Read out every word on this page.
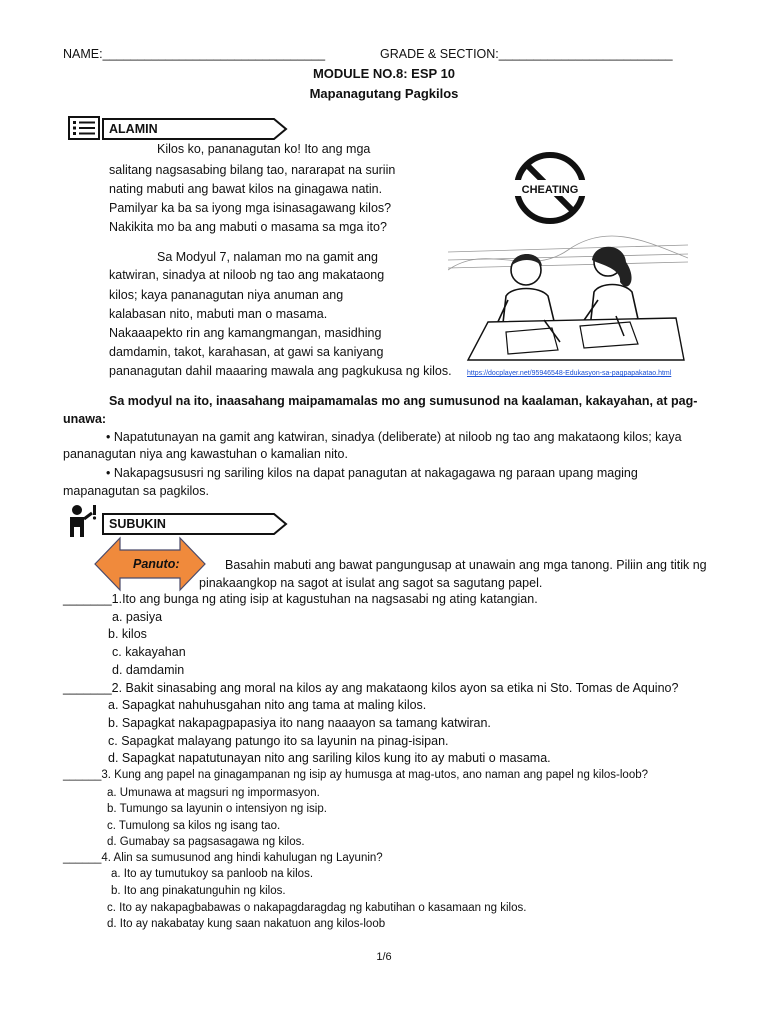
NAME:________________________________	GRADE & SECTION:_________________________
MODULE NO.8: ESP 10
Mapanagutang Pagkilos
ALAMIN
Kilos ko, pananagutan ko! Ito ang mga
salitang nagsasabing bilang tao, nararapat na suriin
nating mabuti ang bawat kilos na ginagawa natin.
Pamilyar ka ba sa iyong mga isinasagawang kilos?
Nakikita mo ba ang mabuti o masama sa mga ito?
Sa Modyul 7, nalaman mo na gamit ang
katwiran, sinadya at niloob ng tao ang makataong
kilos; kaya pananagutan niya anuman ang
kalabasan nito, mabuti man o masama.
Nakaaapekto rin ang kamangmangan, masidhing
damdamin, takot, karahasan, at gawi sa kaniyang
pananagutan dahil maaaring mawala ang pagkukusa ng kilos.
CHEATING
https://docplayer.net/95946548-Edukasyon-sa-pagpapakatao.html
Sa modyul na ito, inaasahang maipamamalas mo ang sumusunod na kaalaman, kakayahan, at pag-
unawa:
• Napatutunayan na gamit ang katwiran, sinadya (deliberate) at niloob ng tao ang makataong kilos; kaya
pananagutan niya ang kawastuhan o kamalian nito.
• Nakapagsususri ng sariling kilos na dapat panagutan at nakagagawa ng paraan upang maging
mapanagutan sa pagkilos.
SUBUKIN
Panuto:	Basahin mabuti ang bawat pangungusap at unawain ang mga tanong. Piliin ang titik ng
pinakaangkop na sagot at isulat ang sagot sa sagutang papel.
_______1.Ito ang bunga ng ating isip at kagustuhan na nagsasabi ng ating katangian.
a. pasiya
b. kilos
c. kakayahan
d. damdamin
_______2. Bakit sinasabing ang moral na kilos ay ang makataong kilos ayon sa etika ni Sto. Tomas de Aquino?
a. Sapagkat nahuhusgahan nito ang tama at maling kilos.
b. Sapagkat nakapagpapasiya ito nang naaayon sa tamang katwiran.
c. Sapagkat malayang patungo ito sa layunin na pinag-isipan.
d. Sapagkat napatutunayan nito ang sariling kilos kung ito ay mabuti o masama.
______3. Kung ang papel na ginagampanan ng isip ay humusga at mag-utos, ano naman ang papel ng kilos-loob?
a. Umunawa at magsuri ng impormasyon.
b. Tumungo sa layunin o intensiyon ng isip.
c. Tumulong sa kilos ng isang tao.
d. Gumabay sa pagsasagawa ng kilos.
______4. Alin sa sumusunod ang hindi kahulugan ng Layunin?
a. Ito ay tumutukoy sa panloob na kilos.
b. Ito ang pinakatunguhin ng kilos.
c. Ito ay nakapagbabawas o nakapagdaragdag ng kabutihan o kasamaan ng kilos.
d. Ito ay nakabatay kung saan nakatuon ang kilos-loob
1/6
